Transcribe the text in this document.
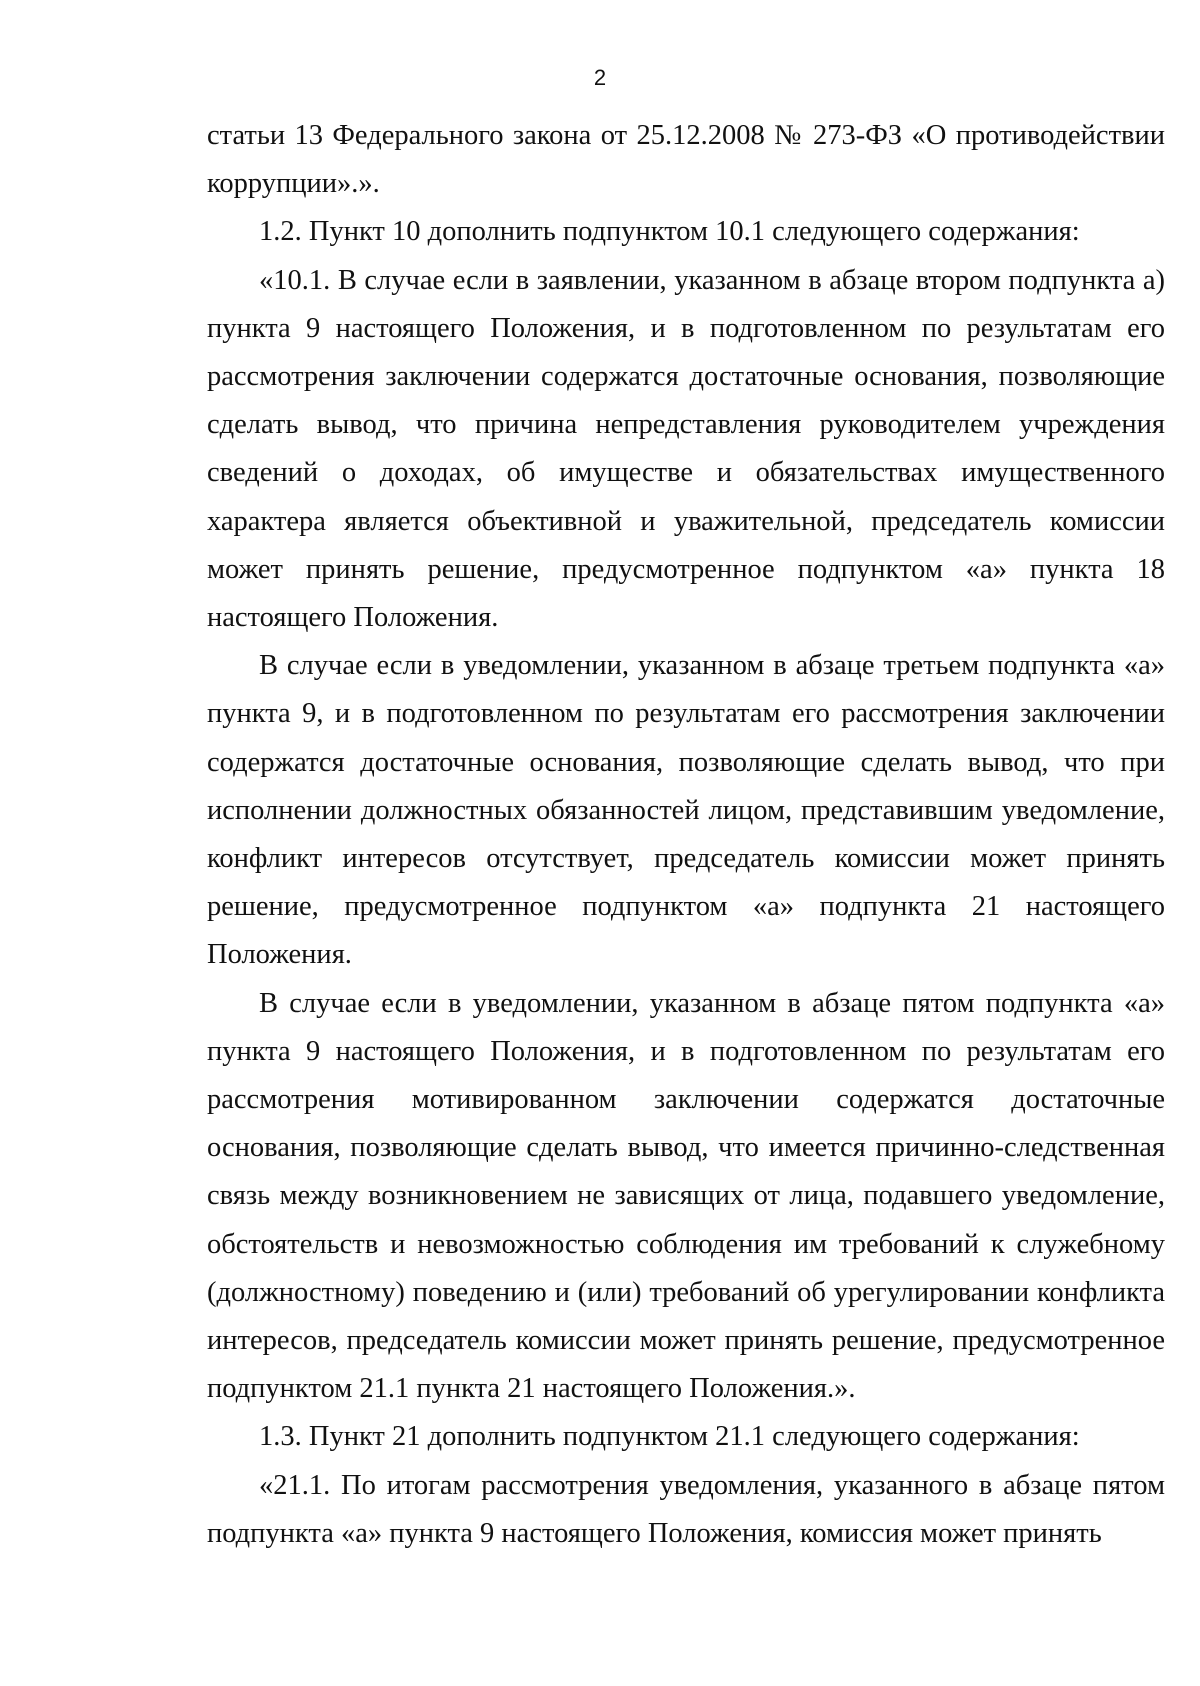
2

статьи 13 Федерального закона от 25.12.2008 № 273-ФЗ «О противодействии коррупции».».

1.2. Пункт 10 дополнить подпунктом 10.1 следующего содержания:

«10.1. В случае если в заявлении, указанном в абзаце втором подпункта а) пункта 9 настоящего Положения, и в подготовленном по результатам его рассмотрения заключении содержатся достаточные основания, позволяющие сделать вывод, что причина непредставления руководителем учреждения сведений о доходах, об имуществе и обязательствах имущественного характера является объективной и уважительной, председатель комиссии может принять решение, предусмотренное подпунктом «а» пункта 18 настоящего Положения.

В случае если в уведомлении, указанном в абзаце третьем подпункта «а» пункта 9, и в подготовленном по результатам его рассмотрения заключении содержатся достаточные основания, позволяющие сделать вывод, что при исполнении должностных обязанностей лицом, представившим уведомление, конфликт интересов отсутствует, председатель комиссии может принять решение, предусмотренное подпунктом «а» подпункта 21 настоящего Положения.

В случае если в уведомлении, указанном в абзаце пятом подпункта «а» пункта 9 настоящего Положения, и в подготовленном по результатам его рассмотрения мотивированном заключении содержатся достаточные основания, позволяющие сделать вывод, что имеется причинно-следственная связь между возникновением не зависящих от лица, подавшего уведомление, обстоятельств и невозможностью соблюдения им требований к служебному (должностному) поведению и (или) требований об урегулировании конфликта интересов, председатель комиссии может принять решение, предусмотренное подпунктом 21.1 пункта 21 настоящего Положения.».

1.3. Пункт 21 дополнить подпунктом 21.1 следующего содержания:

«21.1. По итогам рассмотрения уведомления, указанного в абзаце пятом подпункта «а» пункта 9 настоящего Положения, комиссия может принять
